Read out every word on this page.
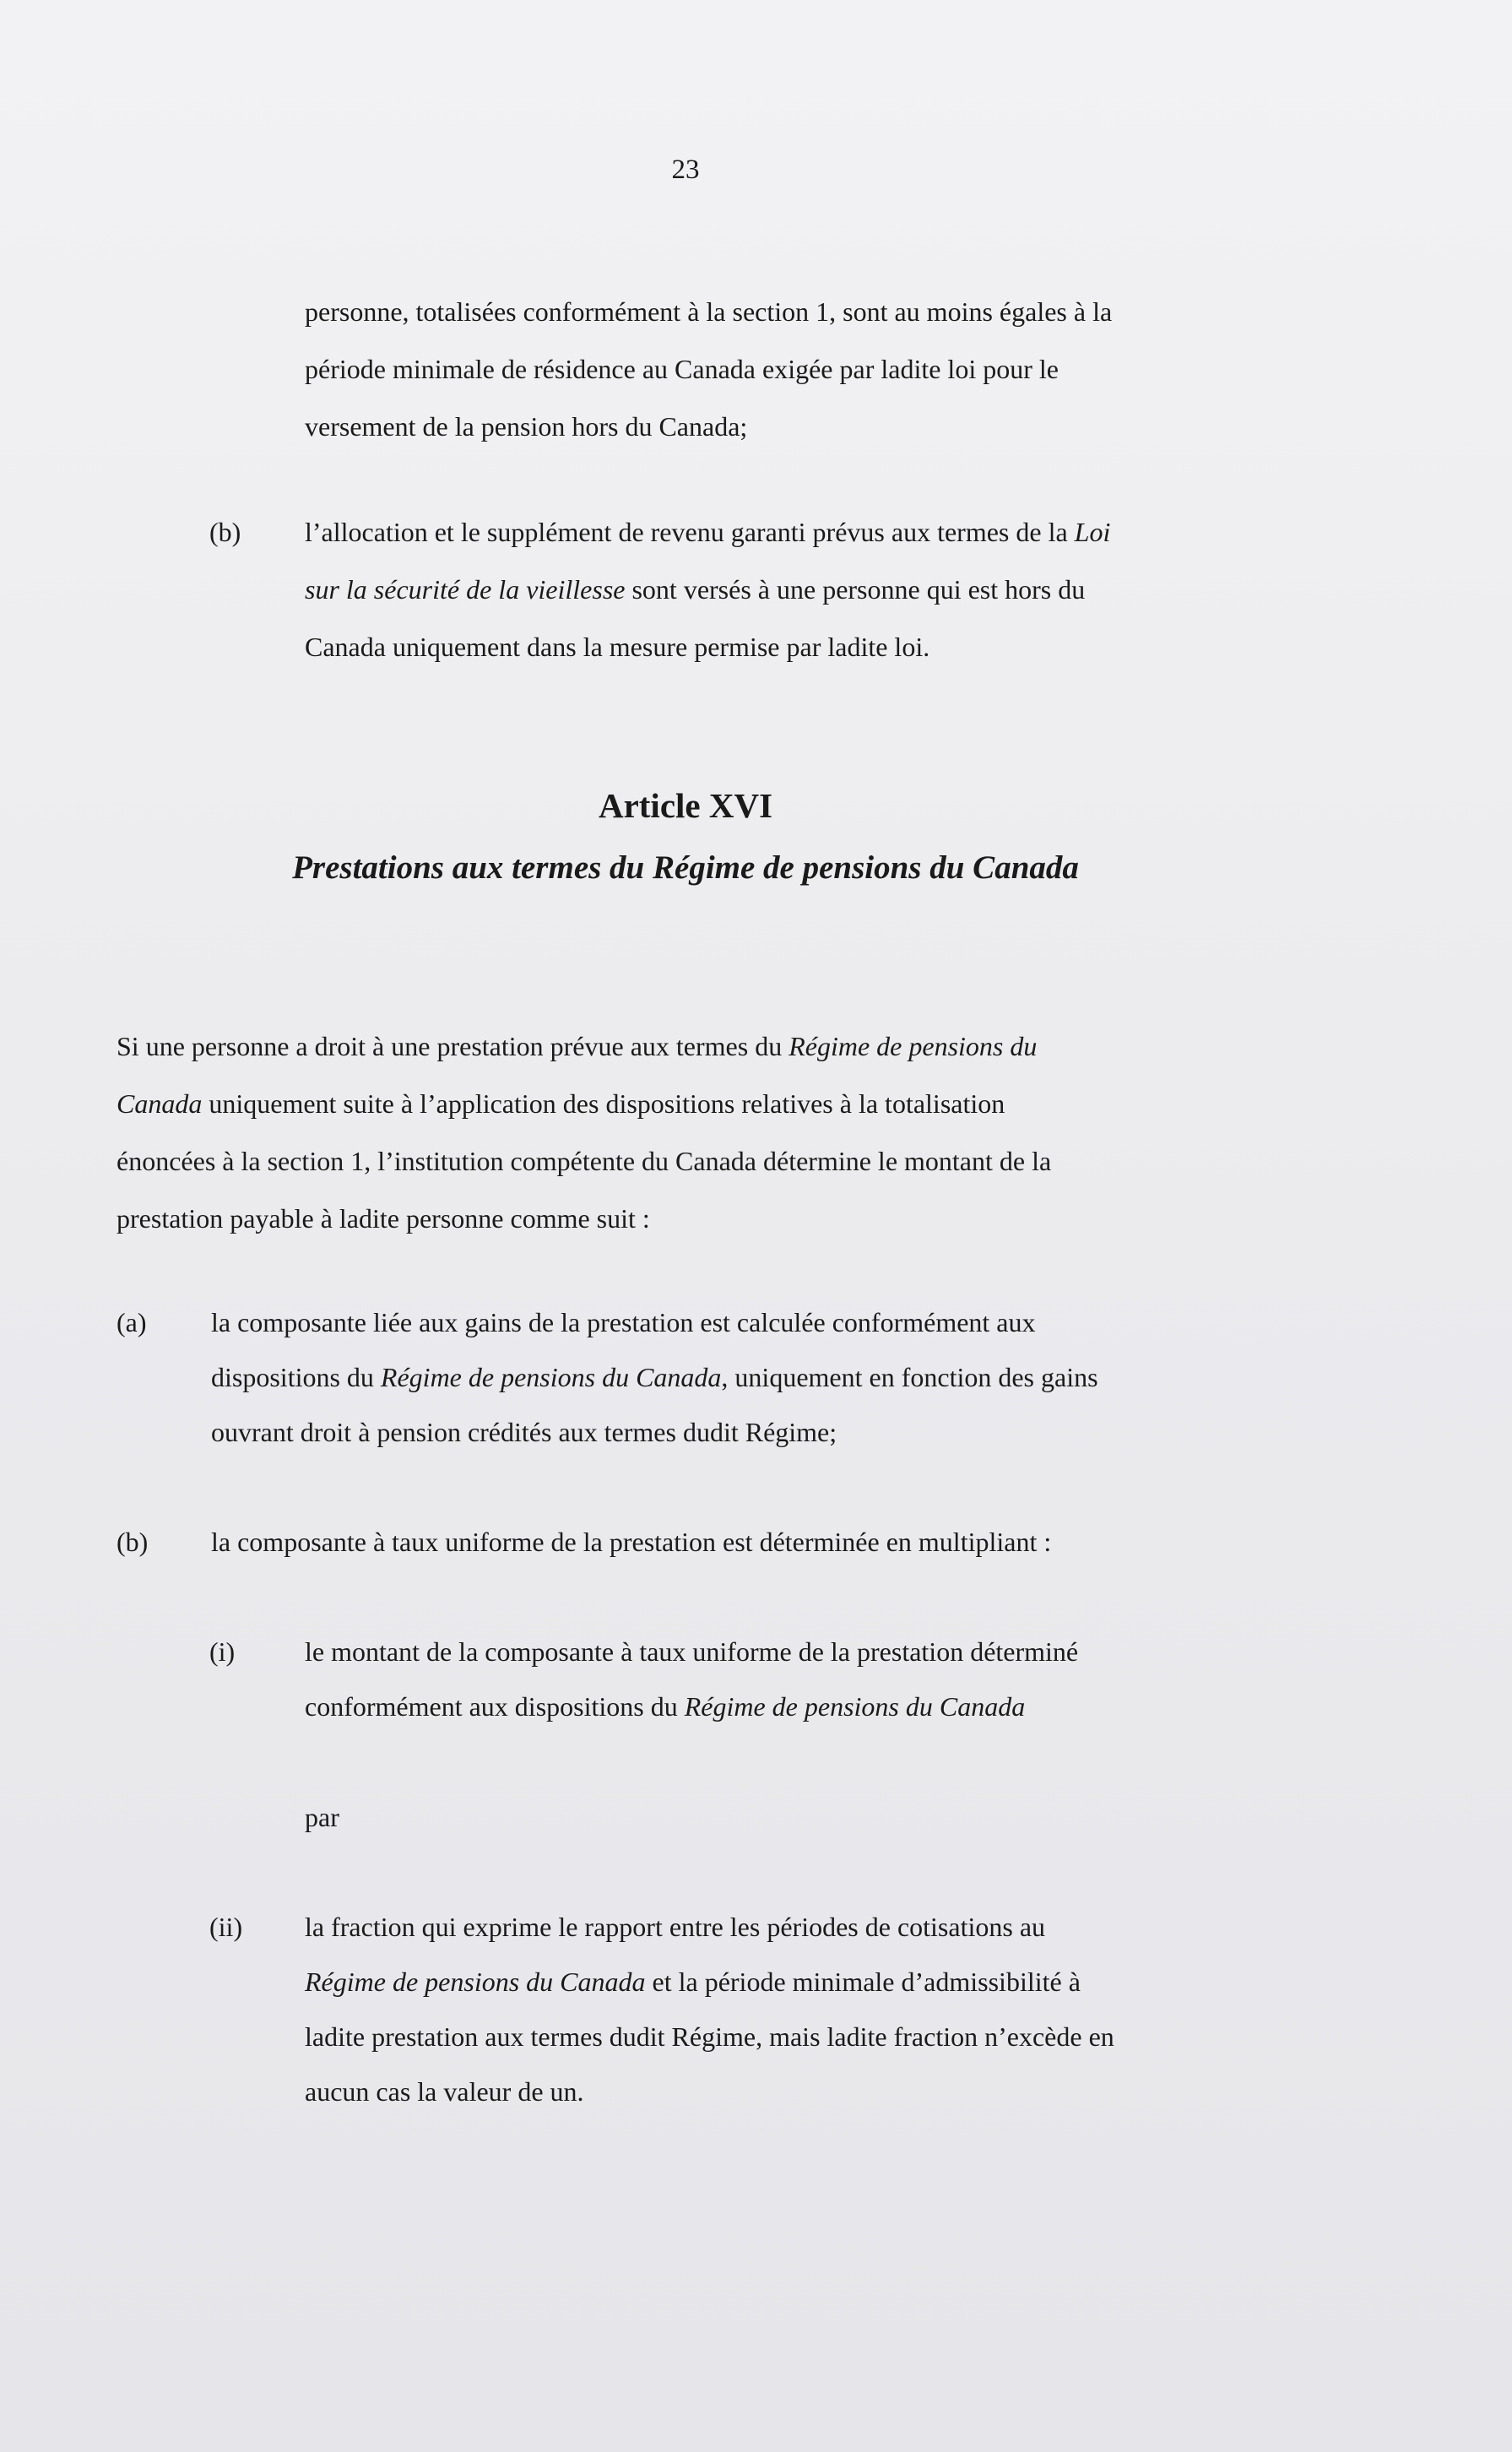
23

personne, totalisées conformément à la section 1, sont au moins égales à la

période minimale de résidence au Canada exigée par ladite loi pour le

versement de la pension hors du Canada;

(b) l’allocation et le supplément de revenu garanti prévus aux termes de la Loi

sur la sécurité de la vieillesse sont versés à une personne qui est hors du

Canada uniquement dans la mesure permise par ladite loi.

Article XVI
Prestations aux termes du Régime de pensions du Canada

Si une personne a droit à une prestation prévue aux termes du Régime de pensions du

Canada uniquement suite à l’application des dispositions relatives à la totalisation

énoncées à la section 1, l’institution compétente du Canada détermine le montant de la

prestation payable à ladite personne comme suit :

(a) la composante liée aux gains de la prestation est calculée conformément aux

dispositions du Régime de pensions du Canada, uniquement en fonction des gains

ouvrant droit à pension crédités aux termes dudit Régime;

(b) la composante à taux uniforme de la prestation est déterminée en multipliant :

(i)	le montant de la composante à taux uniforme de la prestation déterminé

conformément aux dispositions du Régime de pensions du Canada

par

(ii) la fraction qui exprime le rapport entre les périodes de cotisations au

Régime de pensions du Canada et la période minimale d’admissibilité à

ladite prestation aux termes dudit Régime, mais ladite fraction n’excède en

aucun cas la valeur de un.
